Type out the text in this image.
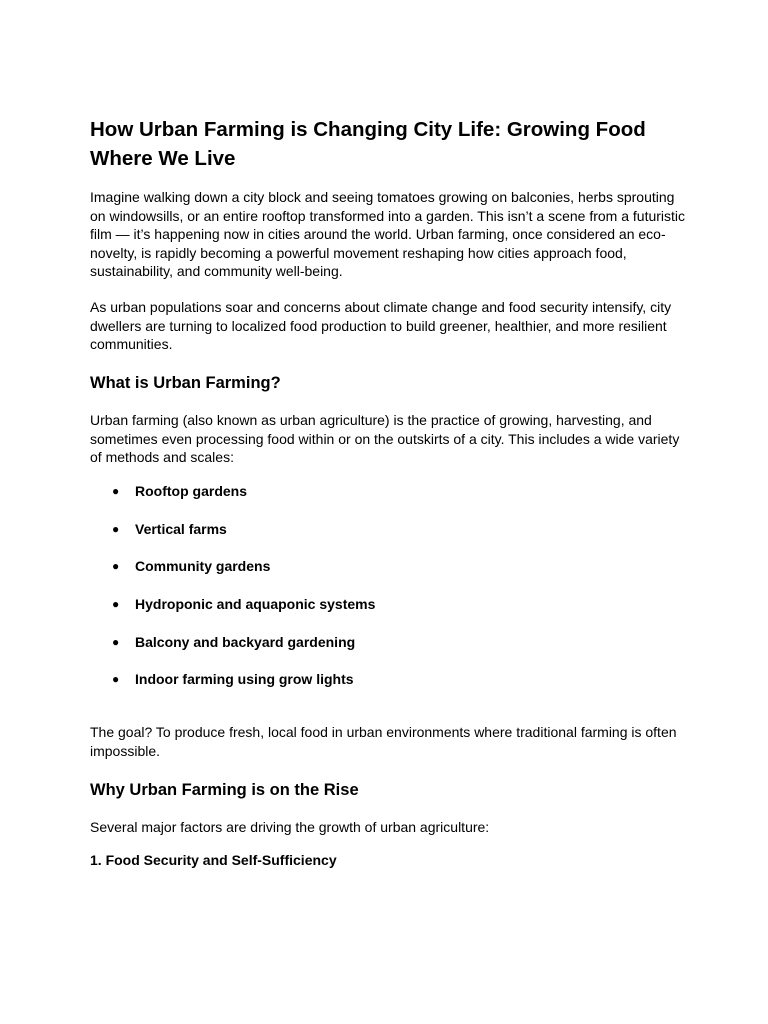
How Urban Farming is Changing City Life: Growing Food Where We Live

Imagine walking down a city block and seeing tomatoes growing on balconies, herbs sprouting on windowsills, or an entire rooftop transformed into a garden. This isn’t a scene from a futuristic film — it’s happening now in cities around the world. Urban farming, once considered an eco-novelty, is rapidly becoming a powerful movement reshaping how cities approach food, sustainability, and community well-being.

As urban populations soar and concerns about climate change and food security intensify, city dwellers are turning to localized food production to build greener, healthier, and more resilient communities.

What is Urban Farming?

Urban farming (also known as urban agriculture) is the practice of growing, harvesting, and sometimes even processing food within or on the outskirts of a city. This includes a wide variety of methods and scales:

● Rooftop gardens
● Vertical farms
● Community gardens
● Hydroponic and aquaponic systems
● Balcony and backyard gardening
● Indoor farming using grow lights

The goal? To produce fresh, local food in urban environments where traditional farming is often impossible.

Why Urban Farming is on the Rise

Several major factors are driving the growth of urban agriculture:

1. Food Security and Self-Sufficiency
